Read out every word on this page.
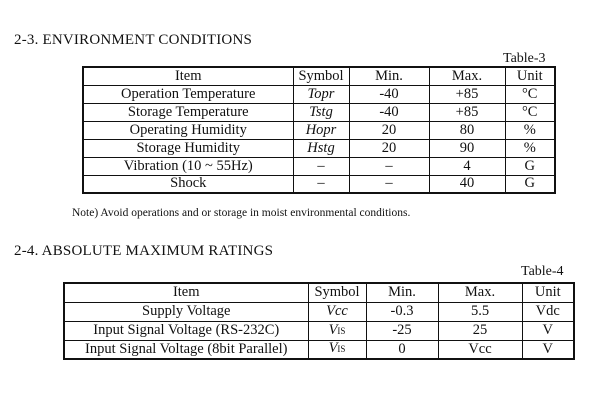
2-3. ENVIRONMENT CONDITIONS
Table-3
Item	Symbol	Min.	Max.	Unit
Operation Temperature	Topr	-40	+85	°C
Storage Temperature	Tstg	-40	+85	°C
Operating Humidity	Hopr	20	80	%
Storage Humidity	Hstg	20	90	%
Vibration (10 ~ 55Hz)	–	–	4	G
Shock	–	–	40	G
Note) Avoid operations and or storage in moist environmental conditions.
2-4. ABSOLUTE MAXIMUM RATINGS
Table-4
Item	Symbol	Min.	Max.	Unit
Supply Voltage	Vcc	-0.3	5.5	Vdc
Input Signal Voltage (RS-232C)	VIS	-25	25	V
Input Signal Voltage (8bit Parallel)	VIS	0	Vcc	V
